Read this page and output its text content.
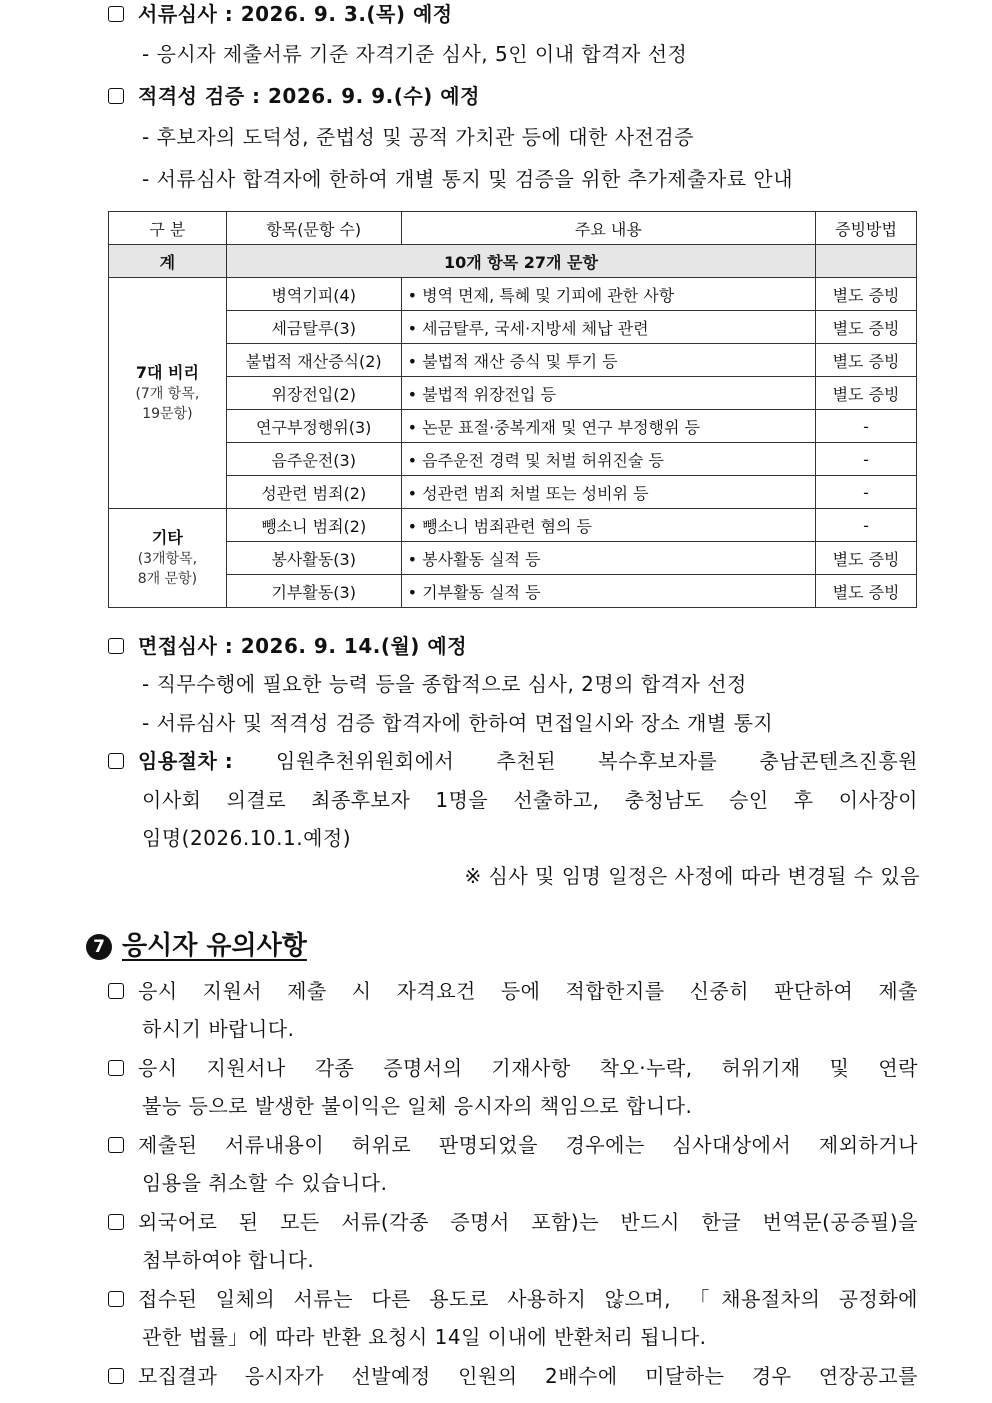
서류심사 : 2026. 9. 3.(목) 예정
- 응시자 제출서류 기준 자격기준 심사, 5인 이내 합격자 선정
적격성 검증 : 2026. 9. 9.(수) 예정
- 후보자의 도덕성, 준법성 및 공적 가치관 등에 대한 사전검증
- 서류심사 합격자에 한하여 개별 통지 및 검증을 위한 추가제출자료 안내
구 분	항목(문항 수)	주요 내용	증빙방법
계	10개 항목 27개 문항		
7대 비리
(7개 항목,
19문항)	병역기피(4)	• 병역 면제, 특혜 및 기피에 관한 사항	별도 증빙
	세금탈루(3)	• 세금탈루, 국세·지방세 체납 관련	별도 증빙
	불법적 재산증식(2)	• 불법적 재산 증식 및 투기 등	별도 증빙
	위장전입(2)	• 불법적 위장전입 등	별도 증빙
	연구부정행위(3)	• 논문 표절·중복게재 및 연구 부정행위 등	-
	음주운전(3)	• 음주운전 경력 및 처벌 허위진술 등	-
	성관련 범죄(2)	• 성관련 범죄 처벌 또는 성비위 등	-
기타
(3개항목,
8개 문항)	뺑소니 범죄(2)	• 뺑소니 범죄관련 혐의 등	-
	봉사활동(3)	• 봉사활동 실적 등	별도 증빙
	기부활동(3)	• 기부활동 실적 등	별도 증빙
면접심사 : 2026. 9. 14.(월) 예정
- 직무수행에 필요한 능력 등을 종합적으로 심사, 2명의 합격자 선정
- 서류심사 및 적격성 검증 합격자에 한하여 면접일시와 장소 개별 통지
임용절차 :	임원추천위원회에서 추천된 복수후보자를 충남콘텐츠진흥원
이사회 의결로 최종후보자 1명을 선출하고, 충청남도 승인 후 이사장이
임명(2026.10.1.예정)
※ 심사 및 임명 일정은 사정에 따라 변경될 수 있음
7 응시자 유의사항
응시 지원서 제출 시 자격요건 등에 적합한지를 신중히 판단하여 제출
하시기 바랍니다.
응시 지원서나 각종 증명서의 기재사항 착오·누락, 허위기재 및 연락
불능 등으로 발생한 불이익은 일체 응시자의 책임으로 합니다.
제출된 서류내용이 허위로 판명되었을 경우에는 심사대상에서 제외하거나
임용을 취소할 수 있습니다.
외국어로 된 모든 서류(각종 증명서 포함)는 반드시 한글 번역문(공증필)을
첨부하여야 합니다.
접수된 일체의 서류는 다른 용도로 사용하지 않으며, 「채용절차의 공정화에
관한 법률」에 따라 반환 요청시 14일 이내에 반환처리 됩니다.
모집결과 응시자가 선발예정 인원의 2배수에 미달하는 경우 연장공고를
